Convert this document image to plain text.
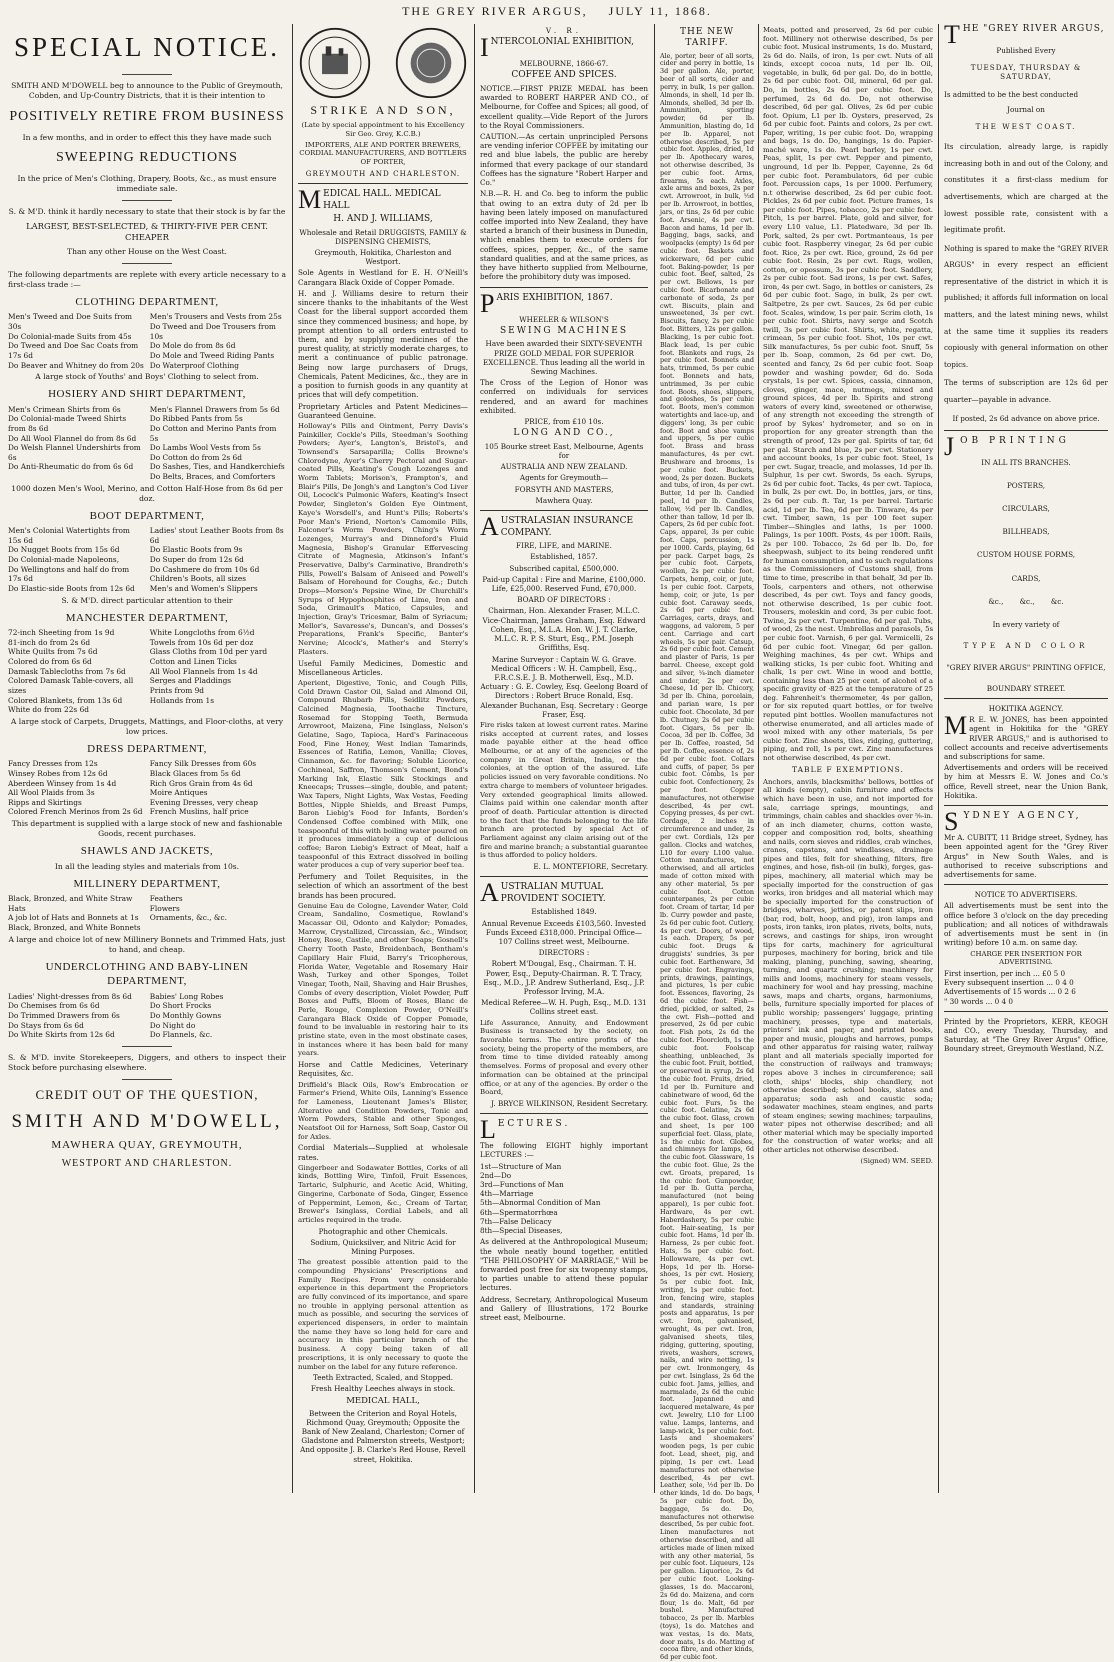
THE GREY RIVER ARGUS, JULY 11, 1868.
SPECIAL NOTICE.

SMITH AND M'DOWELL beg to announce to the Public of Greymouth, Cobden, and Up-Country Districts, that it is their intention to

POSITIVELY RETIRE FROM BUSINESS

In a few months, and in order to effect this they have made such

SWEEPING REDUCTIONS

In the price of Men's Clothing, Drapery, Boots, &c., as must ensure immediate sale.

S. & M'D. think it hardly necessary to state that their stock is by far the

LARGEST, BEST-SELECTED, & THIRTY-FIVE PER CENT. CHEAPER

Than any other House on the West Coast.

The following departments are replete with every article necessary to a first-class trade :—

CLOTHING DEPARTMENT,
Men's Tweed and Doe Suits from 30s
Do Colonial-made Suits from 45s
Do Tweed and Doe Sac Coats from 17s 6d
Do Beaver and Whitney do from 20s
Men's Trousers and Vests from 25s
Do Tweed and Doe Trousers from 10s
Do Mole do from 8s 6d
Do Mole and Tweed Riding Pants
Do Waterproof Clothing

A large stock of Youths' and Boys' Clothing to select from.

HOSIERY AND SHIRT DEPARTMENT,
Men's Crimean Shirts from 6s
Do Colonial-made Tweed Shirts from 8s 6d
Do All Wool Flannel do from 8s 6d
Do Welsh Flannel Undershirts from 6s
Do Anti-Rheumatic do from 6s 6d
Men's Flannel Drawers from 5s 6d
Do Ribbed Pants from 5s
Do Cotton and Merino Pants from 5s
Do Lambs Wool Vests from 5s
Do Cotton do from 2s 6d
Do Sashes, Ties, and Handkerchiefs
Do Belts, Braces, and Comforters

1000 dozen Men's Wool, Merino, and Cotton Half-Hose from 8s 6d per doz.

BOOT DEPARTMENT,
Men's Colonial Watertights from 15s 6d
Do Nugget Boots from 15s 6d
Do Colonial-made Napoleons,
Do Wellingtons and half do from 17s 6d
Do Elastic-side Boots from 12s 6d
Ladies' stout Leather Boots from 8s 6d
Do Elastic Boots from 9s
Do Super do from 12s 6d
Do Cashmere do from 10s 6d
Children's Boots, all sizes
Men's and Women's Slippers

S. & M'D. direct particular attention to their

MANCHESTER DEPARTMENT,
72-inch Sheeting from 1s 9d
81-inch do from 2s 6d
White Quilts from 7s 6d
Colored do from 6s 6d
Damask Tablecloths from 7s 6d
Colored Damask Table-covers, all sizes
Colored Blankets, from 13s 6d
White do from 22s 6d
White Longcloths from 6½d
Towels from 10s 6d per doz
Glass Cloths from 10d per yard
Cotton and Linen Ticks
All Wool Flannels from 1s 4d
Serges and Pladdings
Prints from 9d
Hollands from 1s

A large stock of Carpets, Druggets, Mattings, and Floor-cloths, at very low prices.

DRESS DEPARTMENT,
Fancy Dresses from 12s
Winsey Robes from 12s 6d
Aberdeen Winsey from 1s 4d
All Wool Plaids from 3s
Ripps and Skirtings
Colored French Merinos from 2s 6d
Fancy Silk Dresses from 60s
Black Glaces from 5s 6d
Rich Gros Grain from 4s 6d
Moire Antiques
Evening Dresses, very cheap
French Muslins, half price

This department is supplied with a large stock of new and fashionable Goods, recent purchases.

SHAWLS AND JACKETS,

In all the leading styles and materials from 10s.

MILLINERY DEPARTMENT,
Black, Bronzed, and White Straw Hats
A job lot of Hats and Bonnets at 1s
Black, Bronzed, and White Bonnets
Feathers
Flowers
Ornaments, &c., &c.

A large and choice lot of new Millinery Bonnets and Trimmed Hats, just to hand, and cheap.

UNDERCLOTHING AND BABY-LINEN DEPARTMENT,
Ladies' Night-dresses from 8s 6d
Do Chemises from 6s 6d
Do Trimmed Drawers from 6s
Do Stays from 6s 6d
Do White Skirts from 12s 6d
Babies' Long Robes
Do Short Frocks
Do Monthly Gowns
Do Night do
Do Flannels, &c.

S. & M'D. invite Storekeepers, Diggers, and others to inspect their Stock before purchasing elsewhere.

CREDIT OUT OF THE QUESTION,
SMITH AND M'DOWELL,
MAWHERA QUAY, GREYMOUTH,
WESTPORT AND CHARLESTON.
STRIKE AND SON,

(Late by special appointment to his Excellency Sir Geo. Grey, K.C.B.)

IMPORTERS, ALE AND PORTER BREWERS, CORDIAL MANUFACTURERS, AND BOTTLERS OF PORTER,

GREYMOUTH AND CHARLESTON.

MEDICAL HALL. MEDICAL HALL

H. AND J. WILLIAMS,

Wholesale and Retail DRUGGISTS, FAMILY & DISPENSING CHEMISTS,

Greymouth, Hokitika, Charleston and Westport.

Sole Agents in Westland for E. H. O'Neill's Carangara Black Oxide of Copper Pomade.

H. and J. Williams desire to return their sincere thanks to the inhabitants of the West Coast for the liberal support accorded them since they commenced business; and hope, by prompt attention to all orders entrusted to them, and by supplying medicines of the purest quality, at strictly moderate charges, to merit a continuance of public patronage. Being now large purchasers of Drugs, Chemicals, Patent Medicines, &c., they are in a position to furnish goods in any quantity at prices that will defy competition.

Proprietary Articles and Patent Medicines—Guaranteed Genuine.

Holloway's Pills and Ointment, Perry Davis's Painkiller, Cockle's Pills, Steedman's Soothing Powders; Ayer's, Langton's, Bristol's, and Townsend's Sarsaparilla; Collis Browne's Chlorodyne, Ayer's Cherry Pectoral and Sugar-coated Pills, Keating's Cough Lozenges and Worm Tablets; Morison's, Frampton's, and Blair's Pills, De Jongh's and Langton's Cod Liver Oil, Locock's Pulmonic Wafers, Keating's Insect Powder, Singleton's Golden Eye Ointment, Kaye's Worsdell's, and Hunt's Pills; Roberts's Poor Man's Friend, Norton's Camomile Pills, Falconer's Worm Powders, Ching's Worm Lozenges, Murray's and Dinneford's Fluid Magnesia, Bishop's Granular Effervescing Citrate of Magnesia, Atkinson's Infant's Preservative, Dalby's Carminative, Brandreth's Pills, Powell's Balsam of Aniseed and Powell's Balsam of Horehound for Coughs, &c.; Dutch Drops—Morson's Pepsine Wine, Dr Churchill's Syrups of Hypophosphites of Lime, Iron and Soda, Grimault's Matico, Capsules, and Injection, Gray's Tricesmar, Balm of Syriacum; Mellor's, Savaresse's, Duncan's, and Dosses's Preparations, Frank's Specific, Banter's Nervine; Alcock's, Mather's and Sterry's Plasters.

Useful Family Medicines, Domestic and Miscellaneous Articles.

Aperient, Digestive, Tonic, and Cough Pills, Cold Drawn Castor Oil, Salad and Almond Oil, Compound Rhubarb Pills, Seidlitz Powders, Calcined Magnesia, Toothache Tincture, Rosemad for Stopping Teeth, Bermuda Arrowroot, Maizena, Fine Isinglass, Nelson's Gelatine, Sago, Tapioca, Hard's Farinaceous Food, Fine Honey, West Indian Tamarinds, Essences of Ratifia, Lemon, Vanilla; Cloves, Cinnamon, &c. for flavoring; Soluble Licorice, Cochineal, Saffron, Thomson's Cement, Bond's Marking Ink, Elastic Silk Stockings and Kneecaps; Trusses—single, double, and patent; Wax Tapers, Night Lights, Wax Vestas, Feeding Bottles, Nipple Shields, and Breast Pumps, Baron Liebig's Food for Infants, Borden's Condensed Coffee combined with Milk, one teaspoonful of this with boiling water poured on it produces immediately a cup of delicious coffee; Baron Liebig's Extract of Meat, half a teaspoonful of this Extract dissolved in boiling water produces a cup of very superior beef tea.

Perfumery and Toilet Requisites, in the selection of which an assortment of the best brands has been procured.

Genuine Eau de Cologne, Lavender Water, Cold Cream, Sandalino, Cosmetique, Rowland's Macassar Oil, Odonto and Kalydor; Pomades, Marrow, Crystallized, Circassian, &c., Windsor, Honey, Rose, Castile, and other Soaps; Gosnell's Cherry Tooth Paste, Breidenbach, Bentham's Capillary Hair Fluid, Barry's Tricopherous, Florida Water, Vegetable and Rosemary Hair Wash, Turkey and other Sponges, Toilet Vinegar, Tooth, Nail, Shaving and Hair Brushes, Combs of every description, Violet Powder, Puff Boxes and Puffs, Bloom of Roses, Blanc de Perle, Rouge, Complexion Powder, O'Neill's Carangara Black Oxide of Copper Pomade, found to be invaluable in restoring hair to its pristine state, even in the most obstinate cases, in instances where it has been bald for many years.

Horse and Cattle Medicines, Veterinary Requisites, &c.

Driffield's Black Oils, Row's Embrocation or Farmer's Friend, White Oils, Lanning's Essence for Lameness, Lieutenant James's Blister, Alterative and Condition Powders, Tonic and Worm Powders, Stable and other Sponges, Neatsfoot Oil for Harness, Soft Soap, Castor Oil for Axles.

Cordial Materials—Supplied at wholesale rates.

Gingerbeer and Sodawater Bottles, Corks of all kinds, Bottling Wire, Tinfoil, Fruit Essences, Tartaric, Sulphuric, and Acetic Acid, Whiting, Gingerine, Carbonate of Soda, Ginger, Essence of Peppermint, Lemon, &c., Cream of Tartar, Brewer's Isinglass, Cordial Labels, and all articles required in the trade.

Photographic and other Chemicals.

Sodium, Quicksilver, and Nitric Acid for Mining Purposes.

The greatest possible attention paid to the compounding Physicians' Prescriptions and Family Recipes. From very considerable experience in this department the Proprietors are fully convinced of its importance, and spare no trouble in applying personal attention as much as possible, and securing the services of experienced dispensers, in order to maintain the name they have so long held for care and accuracy in this particular branch of the business. A copy being taken of all prescriptions, it is only necessary to quote the number on the label for any future reference.

Teeth Extracted, Scaled, and Stopped.

Fresh Healthy Leeches always in stock.

MEDICAL HALL,

Between the Criterion and Royal Hotels, Richmond Quay, Greymouth; Opposite the Bank of New Zealand, Charleston; Corner of Gladstone and Palmerston streets, Westport; And opposite J. B. Clarke's Red House, Revell street, Hokitika.

V. R.

INTERCOLONIAL EXHIBITION,

MELBOURNE, 1866-67.

COFFEE AND SPICES.

NOTICE.—FIRST PRIZE MEDAL has been awarded to ROBERT HARPER AND CO., of Melbourne, for Coffee and Spices; all good, of excellent quality.—Vide Report of the Jurors to the Royal Commissioners.

CAUTION.—As certain unprincipled Persons are vending inferior COFFEE by imitating our red and blue labels, the public are hereby informed that every package of our standard Coffees has the signature "Robert Harper and Co."

N.B.—R. H. and Co. beg to inform the public that owing to an extra duty of 2d per lb having been lately imposed on manufactured coffee imported into New Zealand, they have started a branch of their business in Dunedin, which enables them to execute orders for coffees, spices, pepper, &c., of the same standard qualities, and at the same prices, as they have hitherto supplied from Melbourne, before the prohibitory duty was imposed.

PARIS EXHIBITION, 1867.

WHEELER & WILSON'S

SEWING MACHINES

Have been awarded their SIXTY-SEVENTH PRIZE GOLD MEDAL FOR SUPERIOR EXCELLENCE. Thus leading all the world in Sewing Machines.

The Cross of the Legion of Honor was conferred on individuals for services rendered, and an award for machines exhibited.

PRICE, from £10 10s.

LONG AND CO.,

105 Bourke street East, Melbourne, Agents for

AUSTRALIA AND NEW ZEALAND.

Agents for Greymouth—

FORSYTH AND MASTERS,

Mawhera Quay.

AUSTRALASIAN INSURANCE COMPANY.

FIRE, LIFE, and MARINE.

Established, 1857.

Subscribed capital, £500,000.

Paid-up Capital : Fire and Marine, £100,000. Life, £25,000. Reserved Fund, £70,000.

BOARD OF DIRECTORS :

Chairman, Hon. Alexander Fraser, M.L.C. Vice-Chairman, James Graham, Esq. Edward Cohen, Esq., M.L.A. Hon. W. J. T. Clarke, M.L.C. R. P. S. Sturt, Esq., P.M. Joseph Griffiths, Esq.

Marine Surveyor : Captain W. G. Grave. Medical Officers : W. H. Campbell, Esq., F.R.C.S.E. J. B. Motherwell, Esq., M.D. Actuary : G. E. Cowley, Esq. Geelong Board of Directors : Robert Bruce Ronald, Esq. Alexander Buchanan, Esq. Secretary : George Fraser, Esq.

Fire risks taken at lowest current rates. Marine risks accepted at current rates, and losses made payable either at the head office Melbourne, or at any of the agencies of the company in Great Britain, India, or the colonies, at the option of the assured. Life policies issued on very favorable conditions. No extra charge to members of volunteer brigades. Very extended geographical limits allowed. Claims paid within one calendar month after proof of death. Particular attention is directed to the fact that the funds belonging to the life branch are protected by special Act of Parliament against any claim arising out of the fire and marine branch; a substantial guarantee is thus afforded to policy holders.

E. L. MONTEFIORE, Secretary.

AUSTRALIAN MUTUAL PROVIDENT SOCIETY.

Established 1849.

Annual Revenue Exceeds £103,560. Invested Funds Exceed £318,000. Principal Office—107 Collins street west, Melbourne.

DIRECTORS :

Robert M'Dougal, Esq., Chairman. T. H. Power, Esq., Deputy-Chairman. R. T. Tracy, Esq., M.D., J.P. Andrew Sutherland, Esq., J.P. Professor Irving, M.A.

Medical Referee—W. H. Pugh, Esq., M.D. 131 Collins street east.

Life Assurance, Annuity, and Endowment Business is transacted by the society, on favorable terms. The entire profits of the society, being the property of the members, are from time to time divided rateably among themselves. Forms of proposal and every other information can be obtained at the principal office, or at any of the agencies. By order o the Board,

J. BRYCE WILKINSON, Resident Secretary.

L E C T U R E S .

The following EIGHT highly important LECTURES :—

1st—Structure of Man
2nd—Do
3rd—Functions of Man
4th—Marriage
5th—Abnormal Condition of Man
6th—Spermatorrhœa
7th—False Delicacy
8th—Special Diseases,

As delivered at the Anthropological Museum; the whole neatly bound together, entitled "THE PHILOSOPHY OF MARRIAGE," Will be forwarded post free for six twopenny stamps, to parties unable to attend these popular lectures.

Address, Secretary, Anthropological Museum and Gallery of Illustrations, 172 Bourke street east, Melbourne.

THE NEW TARIFF.

Ale, porter, beer of all sorts, cider and perry in bottle, 1s 3d per gallon. Ale, porter, beer of all sorts, cider and perry, in bulk, 1s per gallon. Almonds, in shell, 1d per lb. Almonds, shelled, 3d per lb. Ammunition, sporting powder, 6d per lb. Ammunition, blasting do, 1d per lb. Apparel, not otherwise described, 5s per cubic foot. Apples, dried, 1d per lb. Apothecary wares, not otherwise described, 3s per cubic foot. Arms, firearms, 5s each. Axles, axle arms and boxes, 2s per cwt. Arrowroot, in bulk, ½d per lb. Arrowroot, in bottles, jars, or tins, 2s 6d per cubic foot. Arsenic, 4s per cwt. Bacon and hams, 1d per lb. Bagging, bags, sacks, and woolpacks (empty) 1s 6d per cubic foot. Baskets and wickerware, 6d per cubic foot. Baking-powder, 1s per cubic foot. Beef, salted, 2s per cwt. Bellows, 1s per cubic foot. Bicarbonate and carbonate of soda, 2s per cwt. Biscuits, plain and unsweetened, 3s per cwt. Biscuits, fancy, 2s per cubic foot. Bitters, 12s per gallon. Blacking, 1s per cubic foot. Black lead, 1s per cubic foot. Blankets and rugs, 2s per cubic foot. Bonnets and hats, trimmed, 5s per cubic foot. Bonnets and hats, untrimmed, 3s per cubic foot. Boots, shoes, slippers, and goloshes, 5s per cubic foot. Boots, men's common watertights and lace-up, and diggers' long, 3s per cubic foot. Boot and shoe vamps and uppers, 5s per cubic foot. Brass and brass manufactures, 4s per cwt. Brushware and brooms, 1s per cubic foot. Buckets, wood, 2s per dozen. Buckets and tubs, of iron, 4s per cwt. Butter, 1d per lb. Candied peel, 1d per lb. Candles, tallow, ½d per lb. Candles, other than tallow, 1d per lb. Capers, 2s 6d per cubic foot. Caps, apparel, 3s per cubic foot. Caps, percussion, 1s per 1000. Cards, playing, 6d per pack. Carpet bags, 2s per cubic foot. Carpets, woollen, 2s per cubic foot. Carpets, hemp, coir, or jute, 1s per cubic foot. Carpets, hemp, coir, or jute, 1s per cubic foot. Caraway seeds, 2s 6d per cubic foot. Carriages, carts, drays, and waggons, ad valorem, 5 per cent. Carriage and cart wheels, 5s per pair. Catsup, 2s 6d per cubic foot. Cement and plaster of Paris, 1s per barrel. Cheese, except gold and silver, ¼-inch diameter and under, 2s per cwt. Cheese, 1d per lb. Chicory, 3d per lb. China, porcelain, and parian ware, 1s per cubic foot. Chocolate, 3d per lb. Chutney, 2s 6d per cubic foot. Cigars, 5s per lb. Cocoa, 3d per lb. Coffee, 3d per lb. Coffee, roasted, 5d per lb. Coffee, essence of, 2s 6d per cubic foot. Collars and cuffs, of paper, 5s per cubic foot. Combs, 1s per cubic foot. Confectionery, 2s per foot. Copper manufactures, not otherwise described, 4s per cwt. Copying presses, 4s per cwt. Cordage, 2 inches in circumference and under, 2s per cwt. Cordials, 12s per gallon. Clocks and watches, L10 for every L100 value. Cotton manufactures, not otherwised, and all articles made of cotton mixed with any other material, 5s per cubic foot. Cotton counterpanes, 2s per cubic foot. Cream of tartar, 1d per lb. Curry powder and paste, 2s 6d per cubic foot. Cutlery, 4s per cwt. Doors, of wood, 1s each. Drapery, 5s per cubic foot. Drugs & druggists' sundries, 3s per cubic foot. Earthenware, 3d per cubic foot. Engravings, prints, drawings, paintings, and pictures, 1s per cubic foot. Essences, flavoring, 2s 6d the cubic foot. Fish—dried, pickled, or salted, 2s the cwt. Fish—potted and preserved, 2s 6d per cubic foot. Fish pots, 2s 6d the cubic foot. Floorcloth, 1s the cubic foot. Foolscap sheathing, unbleached, 3s the cubic foot. Fruit, bottled, or preserved in syrup, 2s 6d the cubic foot. Fruits, dried, 1d per lb. Furniture and cabinetware of wood, 6d the cubic foot. Furs, 5s the cubic foot. Gelatine, 2s 6d the cubic foot. Glass, crown and sheet, 1s per 100 superficial feet. Glass, plate, 1s the cubic foot. Globes, and chimneys for lamps, 6d the cubic foot. Glassware, 1s the cubic foot. Glue, 2s the cwt. Groats, prepared, 1s the cubic foot. Gunpowder, 1d per lb. Gutta percha, manufactured (not being apparel), 1s per cubic foot. Hardware, 4s per cwt. Haberdashery, 5s per cubic foot. Hair-seating, 1s per cubic foot. Hams, 1d per lb. Harness, 2s per cubic foot. Hats, 5s per cubic foot. Hollowware, 4s per cwt. Hops, 1d per lb. Horse-shoes, 1s per cwt. Hosiery, 5s per cubic foot. Ink, writing, 1s per cubic foot. Iron, fencing wire, staples and standards, straining posts and apparatus, 1s per cwt. Iron, galvanised, wrought, 4s per cwt. Iron, galvanised sheets, tiles, ridging, guttering, spouting, rivets, washers, screws, nails, and wire netting, 1s per cwt. Ironmongery, 4s per cwt. Isinglass, 2s 6d the cubic foot. Jams, jellies, and marmalade, 2s 6d the cubic foot. Japanned and lacquered metalware, 4s per cwt. Jewelry, L10 for L100 value. Lamps, lanterns, and lamp-wick, 1s per cubic foot. Lasts and shoemakers' wooden pegs, 1s per cubic foot. Lead, sheet, pig, and piping, 1s per cwt. Lead manufactures not otherwise described, 4s per cwt. Leather, sole, ½d per lb. Do other kinds, 1d do. Do bags, 5s per cubic foot. Do, baggage, 5s do. Do, manufactures not otherwise described, 5s per cubic foot. Linen manufactures not otherwise described, and all articles made of linen mixed with any other material, 5s per cubic foot. Liqueurs, 12s per gallon. Liquorice, 2s 6d per cubic foot. Looking-glasses, 1s do. Maccaroni, 2s 6d do. Maizena, and corn flour, 1s do. Malt, 6d per bushel. Manufactured tobacco, 2s per lb. Marbles (toys), 1s do. Matches and wax vestas, 1s do. Mats, door mats, 1s do. Matting of cocoa fibre, and other kinds, 6d per cubic foot.

Meats, potted and preserved, 2s 6d per cubic foot. Millinery not otherwise described, 5s per cubic foot. Musical instruments, 1s do. Mustard, 2s 6d do. Nails, of iron, 1s per cwt. Nuts of all kinds, except cocoa nuts, 1d per lb. Oil, vegetable, in bulk, 6d per gal. Do, do in bottle, 2s 6d per cubic foot. Oil, mineral, 6d per gal. Do, in bottles, 2s 6d per cubic foot. Do, perfumed, 2s 6d do. Do, not otherwise described, 6d per gal. Olives, 2s 6d per cubic foot. Opium, L1 per lb. Oysters, preserved, 2s 6d per cubic foot. Paints and colors, 2s per cwt. Paper, writing, 1s per cubic foot. Do, wrapping and bags, 1s do. Do, hangings, 1s do. Papier-maché ware, 1s do. Pearl barley, 1s per cwt. Peas, split, 1s per cwt. Pepper and pimento, unground, 1d per lb. Pepper, Cayenne, 2s 6d per cubic foot. Perambulators, 6d per cubic foot. Percussion caps, 1s per 1000. Perfumery, n.t otherwise described, 2s 6d per cubic foot. Pickles, 2s 6d per cubic foot. Picture frames, 1s per cubic foot. Pipes, tobacco, 2s per cubic foot. Pitch, 1s per barrel. Plate, gold and silver, for every L10 value, L1. Platedware, 3d per lb. Pork, salted, 2s per cwt. Portmanteaus, 1s per cubic foot. Raspberry vinegar, 2s 6d per cubic foot. Rice, 2s per cwt. Rice, ground, 2s 6d per cubic foot. Resin, 2s per cwt. Rugs, wollen, cotton, or opossum, 3s per cubic foot. Saddlery, 2s per cubic foot. Sad irons, 1s per cwt. Safes, iron, 4s per cwt. Sago, in bottles or canisters, 2s 6d per cubic foot. Sago, in bulk, 2s per cwt. Saltpetre, 2s per cwt. Sauces, 2s 6d per cubic foot. Scales, window, 1s per pair. Scrim cloth, 1s per cubic foot. Shirts, navy serge and Scotch twill, 3s per cubic foot. Shirts, white, regatta, crimean, 5s per cubic foot. Shot, 10s per cwt. Silk manufactures, 5s per cubic foot. Snuff, 5s per lb. Soap, common, 2s 6d per cwt. Do, scented and fancy, 2s 6d per cubic foot. Soap powder and washing powder, 6d do. Soda crystals, 1s per cwt. Spices, cassia, cinnamon, cloves, ginger, mace, nutmegs, mixed and ground spices, 4d per lb. Spirits and strong waters of every kind, sweetened or otherwise, of any strength not exceeding the strength of proof by Sykes' hydrometer, and so on in proportion for any greater strength than the strength of proof, 12s per gal. Spirits of tar, 6d per gal. Starch and blue, 2s per cwt. Stationery and account books, 1s per cubic foot. Steel, 1s per cwt. Sugar, treacle, and molasses, 1d per lb. Sulphur, 1s per cwt. Swords, 5s each. Syrups, 2s 6d per cubic foot. Tacks, 4s per cwt. Tapioca, in bulk, 2s per cwt. Do, in bottles, jars, or tins, 2s 6d per cub. ft. Tar, 1s per barrel. Tartaric acid, 1d per lb. Tea, 6d per lb. Tinware, 4s per cwt. Timber, sawn, 1s per 100 feet super. Timber—Shingles and laths, 1s per 1000. Palings, 1s per 100ft. Posts, 4s per 100ft. Rails, 2s per 100. Tobacco, 2s 6d per lb. Do, for sheepwash, subject to its being rendered unfit for human consumption, and to such regulations as the Commissioners of Customs shall, from time to time, prescribe in that behalf, 3d per lb. Tools, carpenters and others, not otherwise described, 4s per cwt. Toys and fancy goods, not otherwise described, 1s per cubic foot. Trousers, moleskin and cord, 3s per cubic foot. Twine, 2s per cwt. Turpentine, 6d per gal. Tubs, of wood, 2s the nest. Umbrellas and parasols, 5s per cubic foot. Varnish, 6 per gal. Vermicelli, 2s 6d per cubic foot. Vinegar, 6d per gallon. Weighing machines, 4s per cwt. Whips and walking sticks, 1s per cubic foot. Whiting and chalk, 1s per cwt. Wine in wood and bottle, containing less than 25 per cent. of alcohol of a specific gravity of ·825 at the temperature of 25 deg. Fahrenheit's thermometer, 4s per gallon, or for six reputed quart bottles, or for twelve reputed pint bottles. Woollen manufactures not otherwise enumerated, and all articles made of wool mixed with any other materials, 5s per cubic foot. Zinc sheets, tiles, ridging, guttering, piping, and roll, 1s per cwt. Zinc manufactures not otherwise described, 4s per cwt.

TABLE F EXEMPTIONS.

Anchors, anvils, blacksmiths' bellows, bottles of all kinds (empty), cabin furniture and effects which have been in use, and not imported for sale, carriage springs, mountings, and trimmings, chain cables and shackles over ⅝-in. of an inch diameter, churns, cotton waste, copper and composition rod, bolts, sheathing and nails, corn sieves and riddles, crab winches, cranes, capstans, and windlasses, drainage pipes and tiles, felt for sheathing, filters, fire engines, and hose, fish-oil (in bulk), forges, gas-pipes, machinery, all material which may be specially imported for the construction of gas works, iron bridges and all material which may be specially imported for the construction of bridges, wharves, jetties, or patent slips, iron (bar, rod, bolt, hoop, and pig), iron lamps and posts, iron tanks, iron plates, rivets, bolts, nuts, screws, and castings for ships, iron wrought tips for carts, machinery for agricultural purposes, machinery for boring, brick and tile making, planing, punching, sawing, shearing, turning, and quartz crushing; machinery for mills and looms, machinery for steam vessels, machinery for wool and hay pressing, machine saws, maps and charts, organs, harmoniums, bells, furniture specially imported for places of public worship; passengers' luggage, printing machinery, presses, type and materials, printers' ink and paper, and printed books, paper and music, ploughs and harrows, pumps and other apparatus for raising water, railway plant and all materials specially imported for the construction of railways and tramways; ropes above 3 inches in circumference; sail cloth, ships' blocks, ship chandlery, not otherwise described; school books, slates and apparatus; soda ash and caustic soda; sodawater machines, steam engines, and parts of steam engines; sewing machines; tarpaulins, water pipes not otherwise described; and all other material which may be specially imported for the construction of water works; and all other articles not otherwise described.

(Signed) WM. SEED.

THE "GREY RIVER ARGUS,

Published Every

TUESDAY, THURSDAY & SATURDAY,

Is admitted to be the best conducted

Journal on

THE WEST COAST.

Its circulation, already large, is rapidly increasing both in and out of the Colony, and constitutes it a first-class medium for advertisements, which are charged at the lowest possible rate, consistent with a legitimate profit.

Nothing is spared to make the "GREY RIVER ARGUS" in every respect an efficient representative of the district in which it is published; it affords full information on local matters, and the latest mining news, whilst at the same time it supplies its readers copiously with general information on other topics.

The terms of subscription are 12s 6d per quarter—payable in advance.

If posted, 2s 6d advance on above price.

JOB PRINTING

IN ALL ITS BRANCHES.

POSTERS,

CIRCULARS,

BILLHEADS,

CUSTOM HOUSE FORMS,

CARDS,

&c., &c., &c.

In every variety of

TYPE AND COLOR

"GREY RIVER ARGUS" PRINTING OFFICE,

BOUNDARY STREET.

HOKITIKA AGENCY.

M R E. W. JONES, has been appointed agent in Hokitika for the "GREY RIVER ARGUS," and is authorised to collect accounts and receive advertisements and subscriptions for same.

Advertisements and orders will be received by him at Messrs E. W. Jones and Co.'s office, Revell street, near the Union Bank, Hokitika.

SYDNEY AGENCY,

Mr A. CUBITT, 11 Bridge street, Sydney, has been appointed agent for the "Grey River Argus" in New South Wales, and is authorised to receive subscriptions and advertisements for same.

NOTICE TO ADVERTISERS.

All advertisements must be sent into the office before 3 o'clock on the day preceding publication; and all notices of withdrawals of advertisements must be sent in (in writing) before 10 a.m. on same day.

CHARGE PER INSERTION FOR ADVERTISING.

First insertion, per inch ... £0 5 0
Every subsequent insertion ... 0 4 0
Advertisements of 15 words ... 0 2 6
" 30 words ... 0 4 0

Printed by the Proprietors, KERR, KEOGH and CO., every Tuesday, Thursday, and Saturday, at "The Grey River Argus" Office, Boundary street, Greymouth Westland, N.Z.
